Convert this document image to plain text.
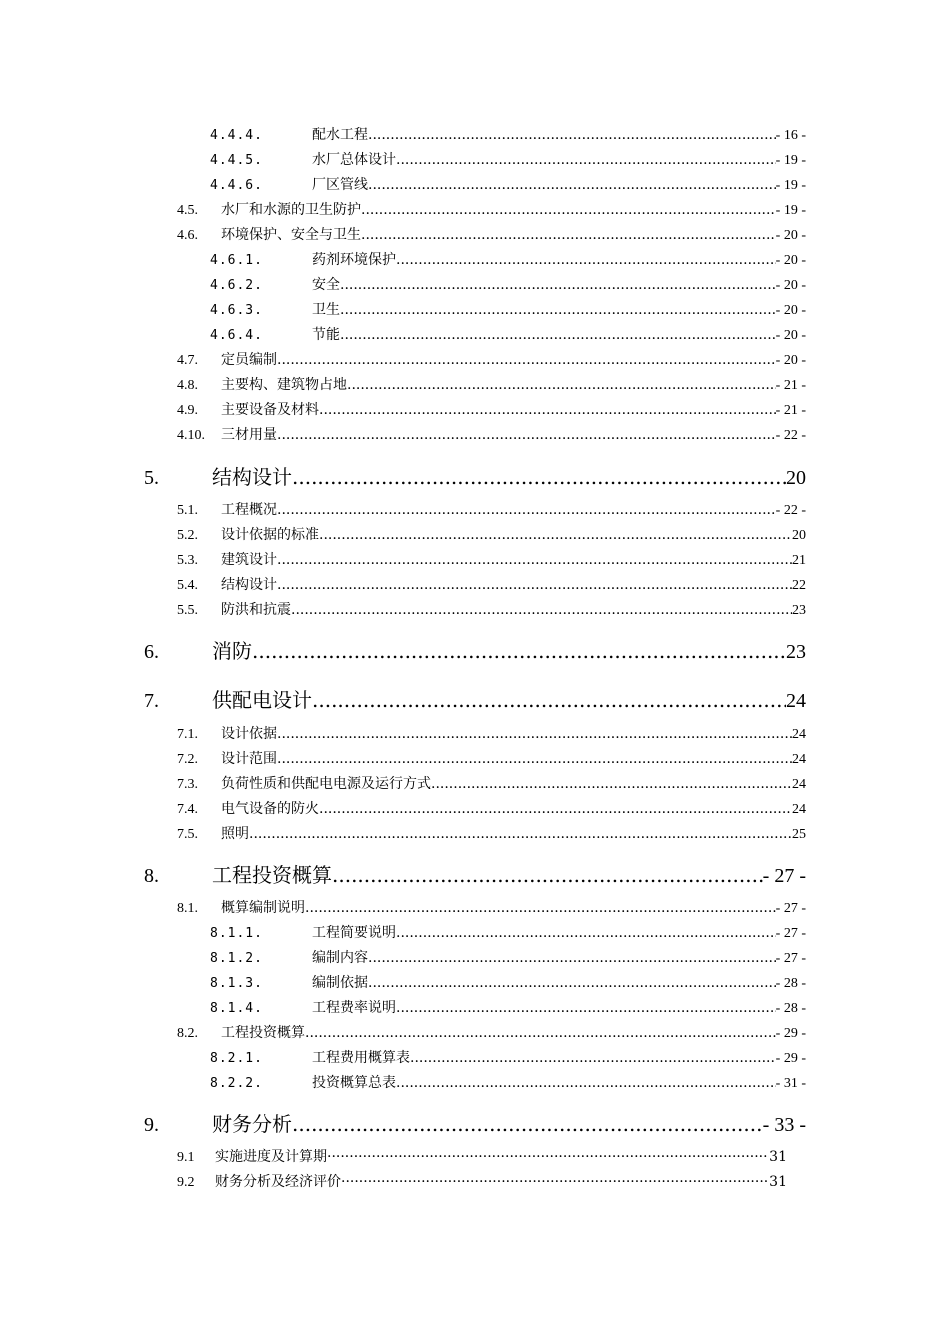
4.4.4.	配水工程 .....	- 16 -
4.4.5.	水厂总体设计 .....	- 19 -
4.4.6.	厂区管线 .....	- 19 -
4.5.	水厂和水源的卫生防护 .....	- 19 -
4.6.	环境保护、安全与卫生 .....	- 20 -
4.6.1.	药剂环境保护 .....	- 20 -
4.6.2.	安全 .....	- 20 -
4.6.3.	卫生 .....	- 20 -
4.6.4.	节能 .....	- 20 -
4.7.	定员编制 .....	- 20 -
4.8.	主要构、建筑物占地 .....	- 21 -
4.9.	主要设备及材料 .....	- 21 -
4.10.	三材用量 .....	- 22 -
5.	结构设计 .....	20
5.1.	工程概况 .....	- 22 -
5.2.	设计依据的标准 .....	20
5.3.	建筑设计 .....	21
5.4.	结构设计 .....	22
5.5.	防洪和抗震 .....	23
6.	消防 .....	23
7.	供配电设计 .....	24
7.1.	设计依据 .....	24
7.2.	设计范围 .....	24
7.3.	负荷性质和供配电电源及运行方式 .....	24
7.4.	电气设备的防火 .....	24
7.5.	照明 .....	25
8.	工程投资概算 .....	- 27 -
8.1.	概算编制说明 .....	- 27 -
8.1.1.	工程简要说明 .....	- 27 -
8.1.2.	编制内容 .....	- 27 -
8.1.3.	编制依据 .....	- 28 -
8.1.4.	工程费率说明 .....	- 28 -
8.2.	工程投资概算 .....	- 29 -
8.2.1.	工程费用概算表 .....	- 29 -
8.2.2.	投资概算总表 .....	- 31 -
9.	财务分析 .....	- 33 -
9.1	实施进度及计算期 ·····	31
9.2	财务分析及经济评价 ·····	31
